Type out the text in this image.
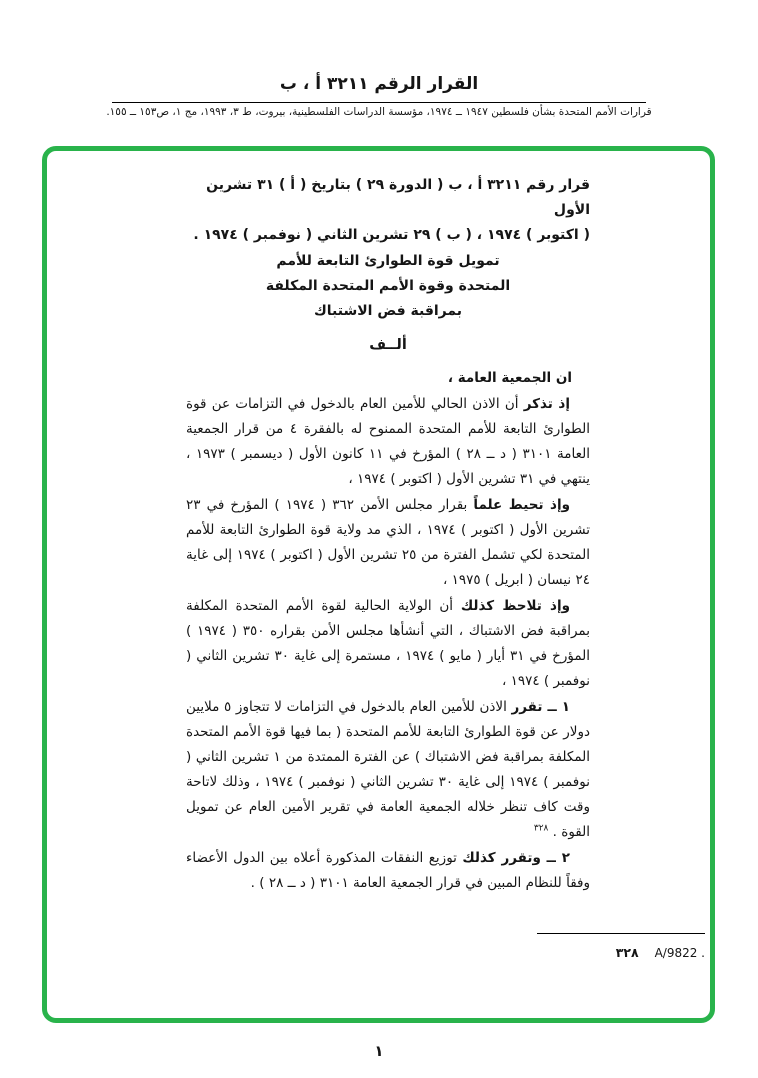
القرار الرقم ٣٢١١ أ ، ب
قرارات الأمم المتحدة بشأن فلسطين ١٩٤٧ ــ ١٩٧٤، مؤسسة الدراسات الفلسطينية، بيروت، ط ٣، ١٩٩٣، مج ١، ص١٥٣ ــ ١٥٥.
قرار رقم ٣٢١١ أ ، ب ( الدورة ٢٩ ) بتاريخ ( أ ) ٣١ تشرين الأول
( اكتوبر ) ١٩٧٤ ، ( ب ) ٢٩ تشرين الثاني ( نوفمبر ) ١٩٧٤ .
تمويل قوة الطوارئ التابعة للأمم
المتحدة وقوة الأمم المتحدة المكلفة
بمراقبة فض الاشتباك
ألــف

ان الجمعية العامة ،

إذ تذكر أن الاذن الحالي للأمين العام بالدخول في التزامات عن قوة الطوارئ التابعة للأمم المتحدة الممنوح له بالفقرة ٤ من قرار الجمعية العامة ٣١٠١ ( د ــ ٢٨ ) المؤرخ في ١١ كانون الأول ( ديسمبر ) ١٩٧٣ ، ينتهي في ٣١ تشرين الأول ( اكتوبر ) ١٩٧٤ ،

وإذ تحيط علماً بقرار مجلس الأمن ٣٦٢ ( ١٩٧٤ ) المؤرخ في ٢٣ تشرين الأول ( اكتوبر ) ١٩٧٤ ، الذي مد ولاية قوة الطوارئ التابعة للأمم المتحدة لكي تشمل الفترة من ٢٥ تشرين الأول ( اكتوبر ) ١٩٧٤ إلى غاية ٢٤ نيسان ( ابريل ) ١٩٧٥ ،

وإذ تلاحظ كذلك أن الولاية الحالية لقوة الأمم المتحدة المكلفة بمراقبة فض الاشتباك ، التي أنشأها مجلس الأمن بقراره ٣٥٠ ( ١٩٧٤ ) المؤرخ في ٣١ أيار ( مايو ) ١٩٧٤ ، مستمرة إلى غاية ٣٠ تشرين الثاني ( نوفمبر ) ١٩٧٤ ،

١ ــ تقرر الاذن للأمين العام بالدخول في التزامات لا تتجاوز ٥ ملايين دولار عن قوة الطوارئ التابعة للأمم المتحدة ( بما فيها قوة الأمم المتحدة المكلفة بمراقبة فض الاشتباك ) عن الفترة الممتدة من ١ تشرين الثاني ( نوفمبر ) ١٩٧٤ إلى غاية ٣٠ تشرين الثاني ( نوفمبر ) ١٩٧٤ ، وذلك لاتاحة وقت كاف تنظر خلاله الجمعية العامة في تقرير الأمين العام عن تمويل القوة . $^{٣٢٨}$

٢ ــ وتقرر كذلك توزيع النفقات المذكورة أعلاه بين الدول الأعضاء وفقاً للنظام المبين في قرار الجمعية العامة ٣١٠١ ( د ــ ٢٨ ) .

٣٢٨ A/9822 .
١
